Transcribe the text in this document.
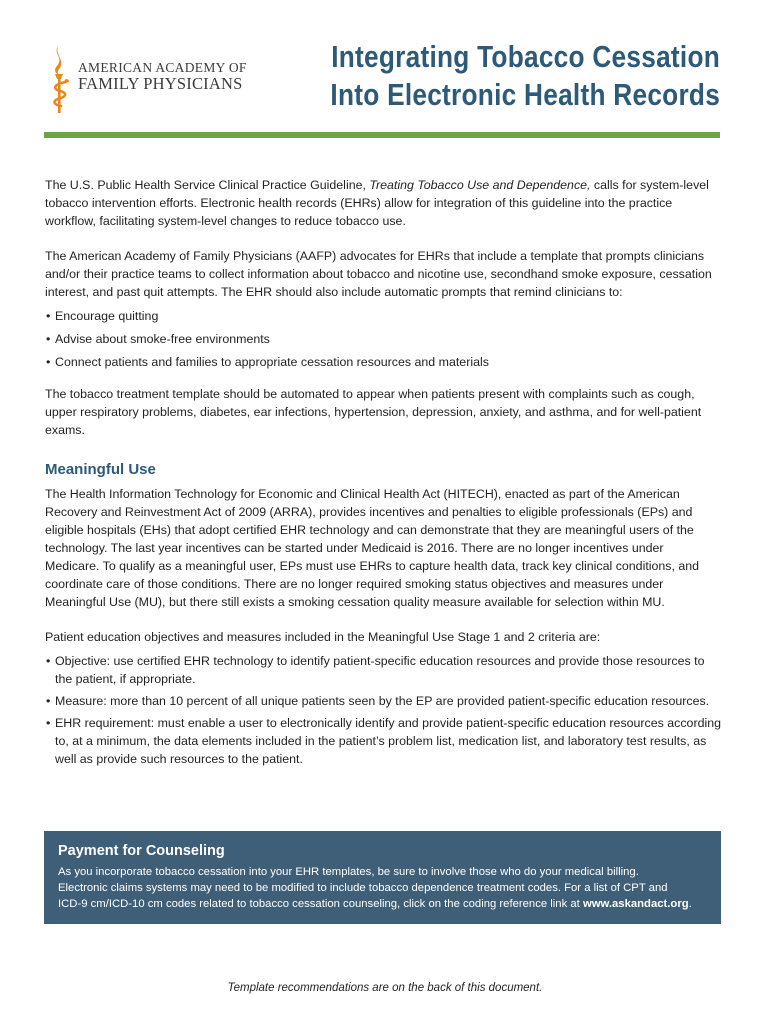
AMERICAN ACADEMY OF
FAMILY PHYSICIANS
Integrating Tobacco Cessation
Into Electronic Health Records

The U.S. Public Health Service Clinical Practice Guideline, Treating Tobacco Use and Dependence, calls for system-level tobacco intervention efforts. Electronic health records (EHRs) allow for integration of this guideline into the practice workflow, facilitating system-level changes to reduce tobacco use.

The American Academy of Family Physicians (AAFP) advocates for EHRs that include a template that prompts clinicians and/or their practice teams to collect information about tobacco and nicotine use, secondhand smoke exposure, cessation interest, and past quit attempts. The EHR should also include automatic prompts that remind clinicians to:

• Encourage quitting
• Advise about smoke-free environments
• Connect patients and families to appropriate cessation resources and materials

The tobacco treatment template should be automated to appear when patients present with complaints such as cough, upper respiratory problems, diabetes, ear infections, hypertension, depression, anxiety, and asthma, and for well-patient exams.

Meaningful Use

The Health Information Technology for Economic and Clinical Health Act (HITECH), enacted as part of the American Recovery and Reinvestment Act of 2009 (ARRA), provides incentives and penalties to eligible professionals (EPs) and eligible hospitals (EHs) that adopt certified EHR technology and can demonstrate that they are meaningful users of the technology. The last year incentives can be started under Medicaid is 2016. There are no longer incentives under Medicare. To qualify as a meaningful user, EPs must use EHRs to capture health data, track key clinical conditions, and coordinate care of those conditions. There are no longer required smoking status objectives and measures under Meaningful Use (MU), but there still exists a smoking cessation quality measure available for selection within MU.

Patient education objectives and measures included in the Meaningful Use Stage 1 and 2 criteria are:

• Objective: use certified EHR technology to identify patient-specific education resources and provide those resources to the patient, if appropriate.
• Measure: more than 10 percent of all unique patients seen by the EP are provided patient-specific education resources.
• EHR requirement: must enable a user to electronically identify and provide patient-specific education resources according to, at a minimum, the data elements included in the patient’s problem list, medication list, and laboratory test results, as well as provide such resources to the patient.
Payment for Counseling
As you incorporate tobacco cessation into your EHR templates, be sure to involve those who do your medical billing.
Electronic claims systems may need to be modified to include tobacco dependence treatment codes. For a list of CPT and
ICD-9 cm/ICD-10 cm codes related to tobacco cessation counseling, click on the coding reference link at www.askandact.org.
Template recommendations are on the back of this document.
